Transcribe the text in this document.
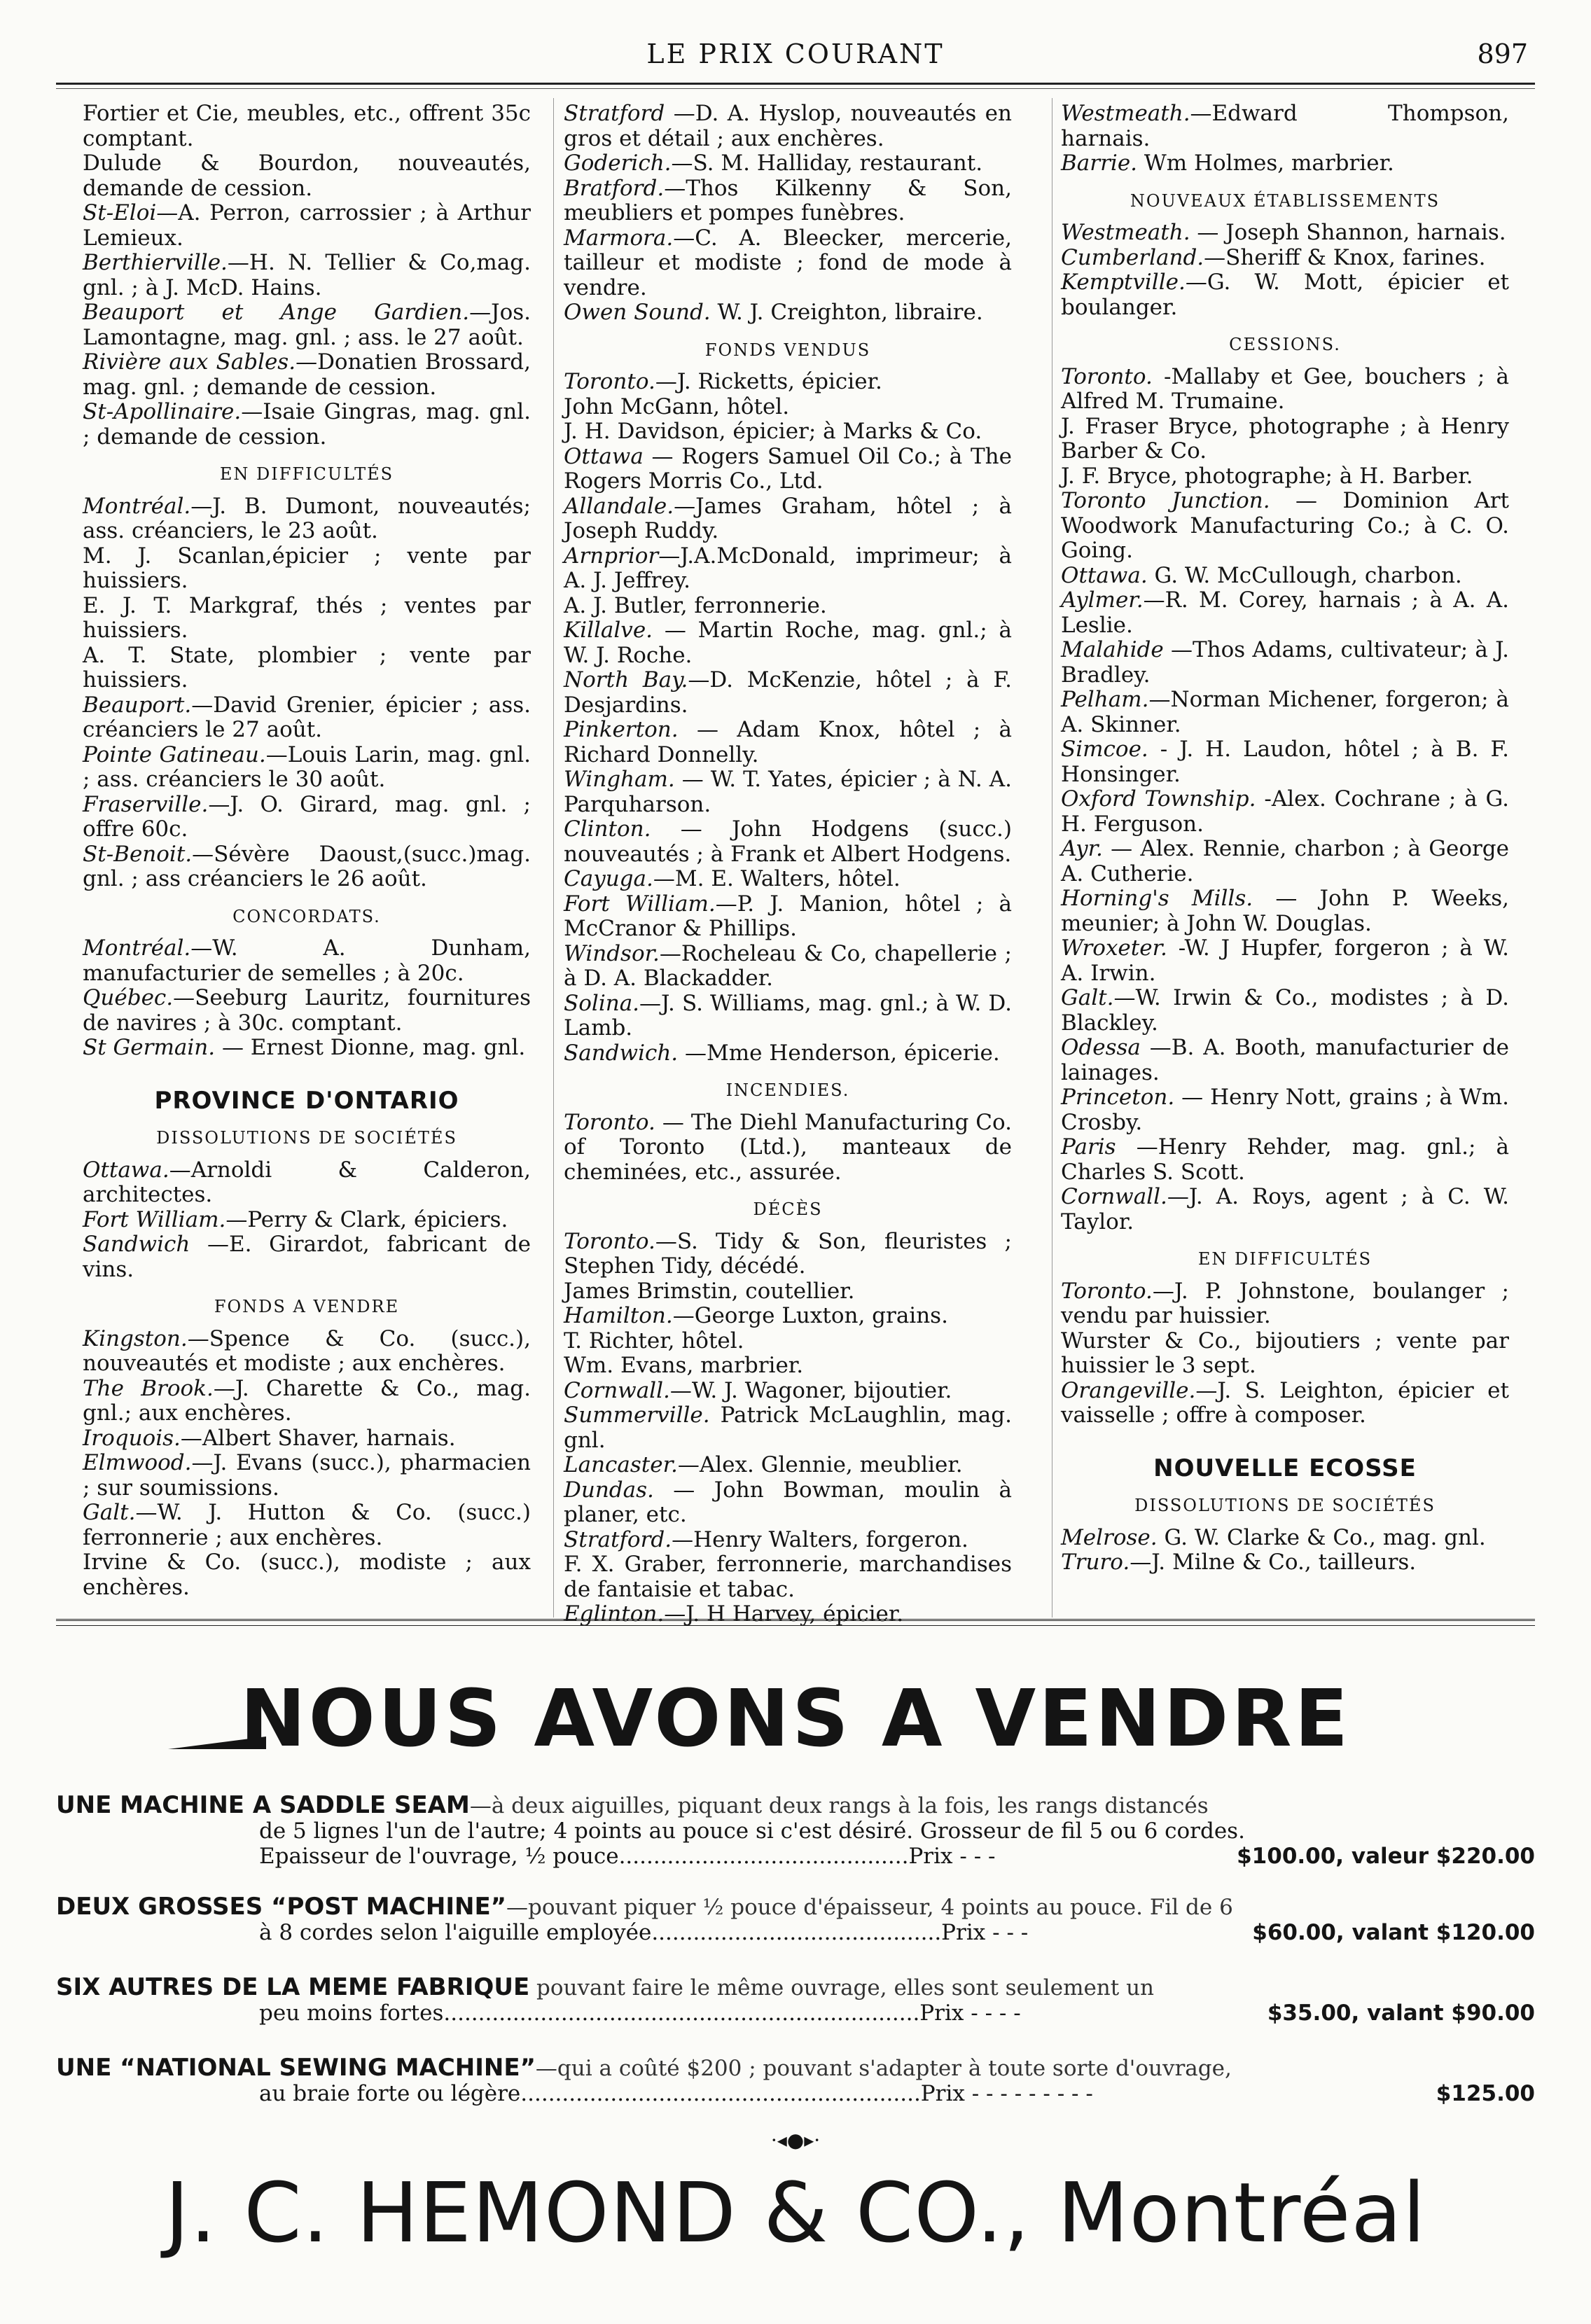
LE PRIX COURANT	897

Fortier et Cie, meubles, etc., offrent 35c comptant.

Dulude & Bourdon, nouveautés, demande de cession.

St-Eloi—A. Perron, carrossier ; à Arthur Lemieux.

Berthierville.—H. N. Tellier & Co,mag. gnl. ; à J. McD. Hains.

Beauport et Ange Gardien.—Jos. Lamontagne, mag. gnl. ; ass. le 27 août.

Rivière aux Sables.—Donatien Brossard, mag. gnl. ; demande de cession.

St-Apollinaire.—Isaie Gingras, mag. gnl. ; demande de cession.

EN DIFFICULTÉS

Montréal.—J. B. Dumont, nouveautés; ass. créanciers, le 23 août.

M. J. Scanlan,épicier ; vente par huissiers.

E. J. T. Markgraf, thés ; ventes par huissiers.

A. T. State, plombier ; vente par huissiers.

Beauport.—David Grenier, épicier ; ass. créanciers le 27 août.

Pointe Gatineau.—Louis Larin, mag. gnl. ; ass. créanciers le 30 août.

Fraserville.—J. O. Girard, mag. gnl. ; offre 60c.

St-Benoit.—Sévère Daoust,(succ.)mag. gnl. ; ass créanciers le 26 août.

CONCORDATS.

Montréal.—W. A. Dunham, manufacturier de semelles ; à 20c.

Québec.—Seeburg Lauritz, fournitures de navires ; à 30c. comptant.

St Germain. — Ernest Dionne, mag. gnl.

PROVINCE D'ONTARIO
DISSOLUTIONS DE SOCIÉTÉS

Ottawa.—Arnoldi & Calderon, architectes.

Fort William.—Perry & Clark, épiciers.

Sandwich —E. Girardot, fabricant de vins.

FONDS A VENDRE

Kingston.—Spence & Co. (succ.), nouveautés et modiste ; aux enchères.

The Brook.—J. Charette & Co., mag. gnl.; aux enchères.

Iroquois.—Albert Shaver, harnais.

Elmwood.—J. Evans (succ.), pharmacien ; sur soumissions.

Galt.—W. J. Hutton & Co. (succ.) ferronnerie ; aux enchères.

Irvine & Co. (succ.), modiste ; aux enchères.

Stratford —D. A. Hyslop, nouveautés en gros et détail ; aux enchères.

Goderich.—S. M. Halliday, restaurant.

Bratford.—Thos Kilkenny & Son, meubliers et pompes funèbres.

Marmora.—C. A. Bleecker, mercerie, tailleur et modiste ; fond de mode à vendre.

Owen Sound. W. J. Creighton, libraire.

FONDS VENDUS

Toronto.—J. Ricketts, épicier.

John McGann, hôtel.

J. H. Davidson, épicier; à Marks & Co.

Ottawa — Rogers Samuel Oil Co.; à The Rogers Morris Co., Ltd.

Allandale.—James Graham, hôtel ; à Joseph Ruddy.

Arnprior—J.A.McDonald, imprimeur; à A. J. Jeffrey.

A. J. Butler, ferronnerie.

Killalve. — Martin Roche, mag. gnl.; à W. J. Roche.

North Bay.—D. McKenzie, hôtel ; à F. Desjardins.

Pinkerton. — Adam Knox, hôtel ; à Richard Donnelly.

Wingham. — W. T. Yates, épicier ; à N. A. Parquharson.

Clinton. — John Hodgens (succ.) nouveautés ; à Frank et Albert Hodgens.

Cayuga.—M. E. Walters, hôtel.

Fort William.—P. J. Manion, hôtel ; à McCranor & Phillips.

Windsor.—Rocheleau & Co, chapellerie ; à D. A. Blackadder.

Solina.—J. S. Williams, mag. gnl.; à W. D. Lamb.

Sandwich. —Mme Henderson, épicerie.

INCENDIES.

Toronto. — The Diehl Manufacturing Co. of Toronto (Ltd.), manteaux de cheminées, etc., assurée.

DÉCÈS

Toronto.—S. Tidy & Son, fleuristes ; Stephen Tidy, décédé.

James Brimstin, coutellier.

Hamilton.—George Luxton, grains.

T. Richter, hôtel.

Wm. Evans, marbrier.

Cornwall.—W. J. Wagoner, bijoutier.

Summerville. Patrick McLaughlin, mag. gnl.

Lancaster.—Alex. Glennie, meublier.

Dundas. — John Bowman, moulin à planer, etc.

Stratford.—Henry Walters, forgeron.

F. X. Graber, ferronnerie, marchandises de fantaisie et tabac.

Eglinton.—J. H Harvey, épicier.

Westmeath.—Edward Thompson, harnais.

Barrie. Wm Holmes, marbrier.

NOUVEAUX ÉTABLISSEMENTS

Westmeath. — Joseph Shannon, harnais.

Cumberland.—Sheriff & Knox, farines.

Kemptville.—G. W. Mott, épicier et boulanger.

CESSIONS.

Toronto. -Mallaby et Gee, bouchers ; à Alfred M. Trumaine.

J. Fraser Bryce, photographe ; à Henry Barber & Co.

J. F. Bryce, photographe; à H. Barber.

Toronto Junction. — Dominion Art Woodwork Manufacturing Co.; à C. O. Going.

Ottawa. G. W. McCullough, charbon.

Aylmer.—R. M. Corey, harnais ; à A. A. Leslie.

Malahide —Thos Adams, cultivateur; à J. Bradley.

Pelham.—Norman Michener, forgeron; à A. Skinner.

Simcoe. - J. H. Laudon, hôtel ; à B. F. Honsinger.

Oxford Township. -Alex. Cochrane ; à G. H. Ferguson.

Ayr. — Alex. Rennie, charbon ; à George A. Cutherie.

Horning's Mills. — John P. Weeks, meunier; à John W. Douglas.

Wroxeter. -W. J Hupfer, forgeron ; à W. A. Irwin.

Galt.—W. Irwin & Co., modistes ; à D. Blackley.

Odessa —B. A. Booth, manufacturier de lainages.

Princeton. — Henry Nott, grains ; à Wm. Crosby.

Paris —Henry Rehder, mag. gnl.; à Charles S. Scott.

Cornwall.—J. A. Roys, agent ; à C. W. Taylor.

EN DIFFICULTÉS

Toronto.—J. P. Johnstone, boulanger ; vendu par huissier.

Wurster & Co., bijoutiers ; vente par huissier le 3 sept.

Orangeville.—J. S. Leighton, épicier et vaisselle ; offre à composer.

NOUVELLE ECOSSE
DISSOLUTIONS DE SOCIÉTÉS

Melrose. G. W. Clarke & Co., mag. gnl.

Truro.—J. Milne & Co., tailleurs.

NOUS AVONS A VENDRE
UNE MACHINE A SADDLE SEAM—à deux aiguilles, piquant deux rangs à la fois, les rangs distancés
de 5 lignes l'un de l'autre; 4 points au pouce si c'est désiré. Grosseur de fil 5 ou 6 cordes.
Epaisseur de l'ouvrage, ½ pouce..........................................Prix - - -	$100.00, valeur $220.00
DEUX GROSSES “POST MACHINE”—pouvant piquer ½ pouce d'épaisseur, 4 points au pouce. Fil de 6
à 8 cordes selon l'aiguille employée..........................................Prix - - -	$60.00, valant $120.00
SIX AUTRES DE LA MEME FABRIQUE pouvant faire le même ouvrage, elles sont seulement un
peu moins fortes.....................................................................Prix - - - -	$35.00, valant $90.00
UNE “NATIONAL SEWING MACHINE”—qui a coûté $200 ; pouvant s'adapter à toute sorte d'ouvrage,
au braie forte ou légère..........................................................Prix - - - - - - - - -	$125.00
·◂●▸·
J. C. HEMOND & CO., Montréal
